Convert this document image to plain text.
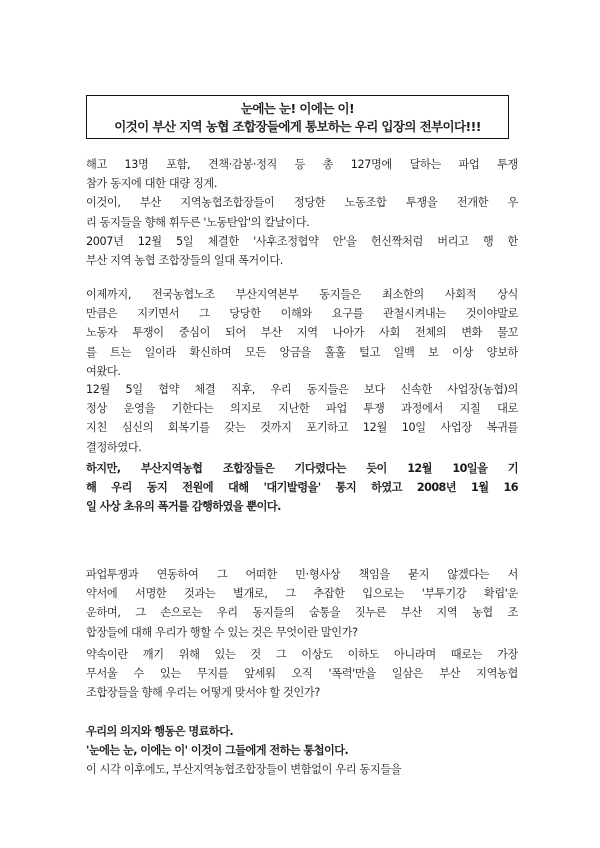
눈에는 눈! 이에는 이!
이것이 부산 지역 농협 조합장들에게 통보하는 우리 입장의 전부이다!!!
해고 13명 포함, 견책·감봉·정직 등 총 127명에 달하는 파업 투쟁
참가 동지에 대한 대량 징계.
이것이, 부산 지역농협조합장들이 정당한 노동조합 투쟁을 전개한 우
리 동지들을 향해 휘두른 '노동탄압'의 칼날이다.
2007년 12월 5일 체결한 '사후조정협약 안'을 헌신짝처럼 버리고 행 한
부산 지역 농협 조합장들의 일대 폭거이다.
이제까지, 전국농협노조 부산지역본부 동지들은 최소한의 사회적 상식
만큼은 지키면서 그 당당한 이해와 요구를 관철시켜내는 것이야말로
노동자 투쟁이 중심이 되어 부산 지역 나아가 사회 전체의 변화 물꼬
를 트는 일이라 확신하며 모든 앙금을 훌훌 털고 일백 보 이상 양보하
여왔다.
12월 5일 협약 체결 직후, 우리 동지들은 보다 신속한 사업장(농협)의
정상 운영을 기한다는 의지로 지난한 파업 투쟁 과정에서 지칠 대로
지친 심신의 회복기를 갖는 것까지 포기하고 12월 10일 사업장 복귀를
결정하였다.
하지만, 부산지역농협 조합장들은 기다렸다는 듯이 12월 10일을 기
해 우리 동지 전원에 대해 '대기발령을' 통지 하였고 2008년 1월 16
일 사상 초유의 폭거를 감행하였을 뿐이다.
파업투쟁과 연동하여 그 어떠한 민·형사상 책임을 묻지 않겠다는 서
약서에 서명한 것과는 별개로, 그 추잡한 입으로는 '부투기강 확립'운
운하며, 그 손으로는 우리 동지들의 숨통을 짓누른 부산 지역 농협 조
합장들에 대해 우리가 행할 수 있는 것은 무엇이란 말인가?
약속이란 깨기 위해 있는 것 그 이상도 이하도 아니라며 때로는 가장
무서울 수 있는 무지를 앞세워 오직 '폭력'만을 일삼은 부산 지역농협
조합장들을 향해 우리는 어떻게 맞서야 할 것인가?
우리의 의지와 행동은 명료하다.
'눈에는 눈, 이에는 이' 이것이 그들에게 전하는 통첩이다.
이 시각 이후에도, 부산지역농협조합장들이 변함없이 우리 동지들을
